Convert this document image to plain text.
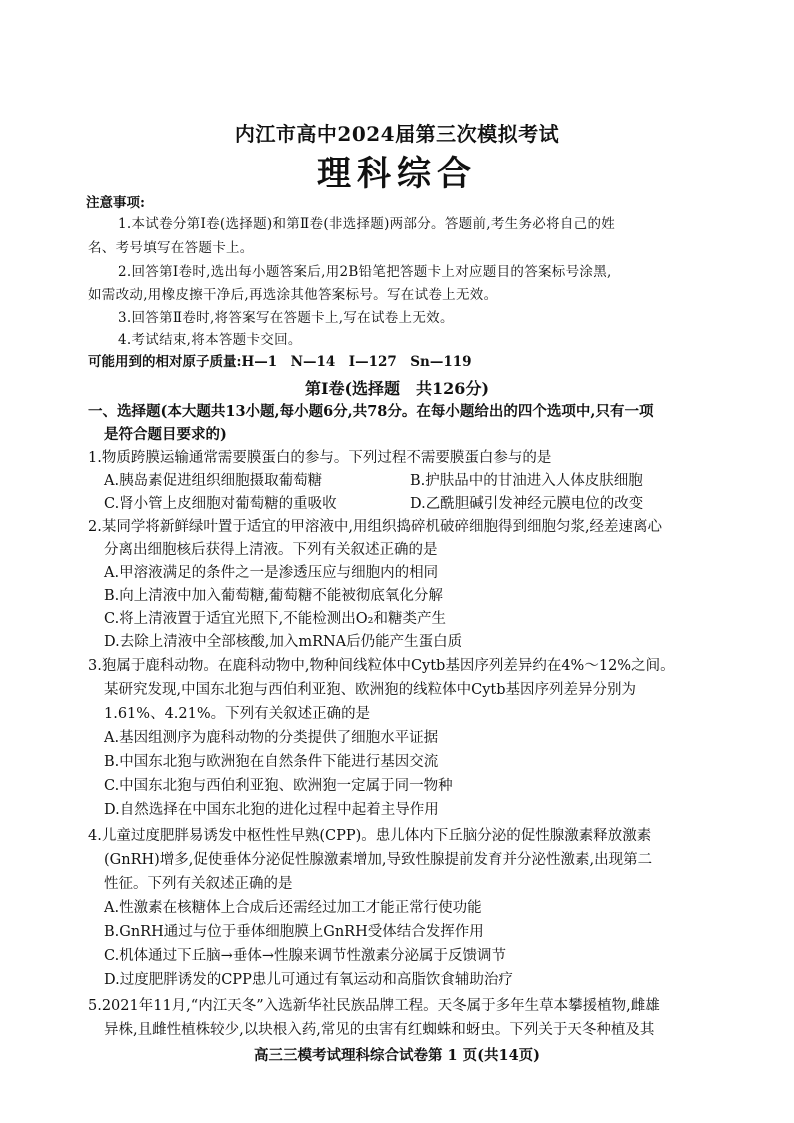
内江市高中2024届第三次模拟考试
理科综合
注意事项:
1.本试卷分第Ⅰ卷(选择题)和第Ⅱ卷(非选择题)两部分。答题前,考生务必将自己的姓
名、考号填写在答题卡上。
2.回答第Ⅰ卷时,选出每小题答案后,用2B铅笔把答题卡上对应题目的答案标号涂黑,
如需改动,用橡皮擦干净后,再选涂其他答案标号。写在试卷上无效。
3.回答第Ⅱ卷时,将答案写在答题卡上,写在试卷上无效。
4.考试结束,将本答题卡交回。
可能用到的相对原子质量:H—1　N—14　I—127　Sn—119
第Ⅰ卷(选择题　共126分)
一、选择题(本大题共13小题,每小题6分,共78分。在每小题给出的四个选项中,只有一项
是符合题目要求的)
1.物质跨膜运输通常需要膜蛋白的参与。下列过程不需要膜蛋白参与的是
A.胰岛素促进组织细胞摄取葡萄糖	B.护肤品中的甘油进入人体皮肤细胞
C.肾小管上皮细胞对葡萄糖的重吸收	D.乙酰胆碱引发神经元膜电位的改变
2.某同学将新鲜绿叶置于适宜的甲溶液中,用组织捣碎机破碎细胞得到细胞匀浆,经差速离心
分离出细胞核后获得上清液。下列有关叙述正确的是
A.甲溶液满足的条件之一是渗透压应与细胞内的相同
B.向上清液中加入葡萄糖,葡萄糖不能被彻底氧化分解
C.将上清液置于适宜光照下,不能检测出O₂和糖类产生
D.去除上清液中全部核酸,加入mRNA后仍能产生蛋白质
3.狍属于鹿科动物。在鹿科动物中,物种间线粒体中Cytb基因序列差异约在4%～12%之间。
某研究发现,中国东北狍与西伯利亚狍、欧洲狍的线粒体中Cytb基因序列差异分别为
1.61%、4.21%。下列有关叙述正确的是
A.基因组测序为鹿科动物的分类提供了细胞水平证据
B.中国东北狍与欧洲狍在自然条件下能进行基因交流
C.中国东北狍与西伯利亚狍、欧洲狍一定属于同一物种
D.自然选择在中国东北狍的进化过程中起着主导作用
4.儿童过度肥胖易诱发中枢性性早熟(CPP)。患儿体内下丘脑分泌的促性腺激素释放激素
(GnRH)增多,促使垂体分泌促性腺激素增加,导致性腺提前发育并分泌性激素,出现第二
性征。下列有关叙述正确的是
A.性激素在核糖体上合成后还需经过加工才能正常行使功能
B.GnRH通过与位于垂体细胞膜上GnRH受体结合发挥作用
C.机体通过下丘脑→垂体→性腺来调节性激素分泌属于反馈调节
D.过度肥胖诱发的CPP患儿可通过有氧运动和高脂饮食辅助治疗
5.2021年11月,“内江天冬”入选新华社民族品牌工程。天冬属于多年生草本攀援植物,雌雄
异株,且雌性植株较少,以块根入药,常见的虫害有红蜘蛛和蚜虫。下列关于天冬种植及其
高三三模考试理科综合试卷第 1 页(共14页)
